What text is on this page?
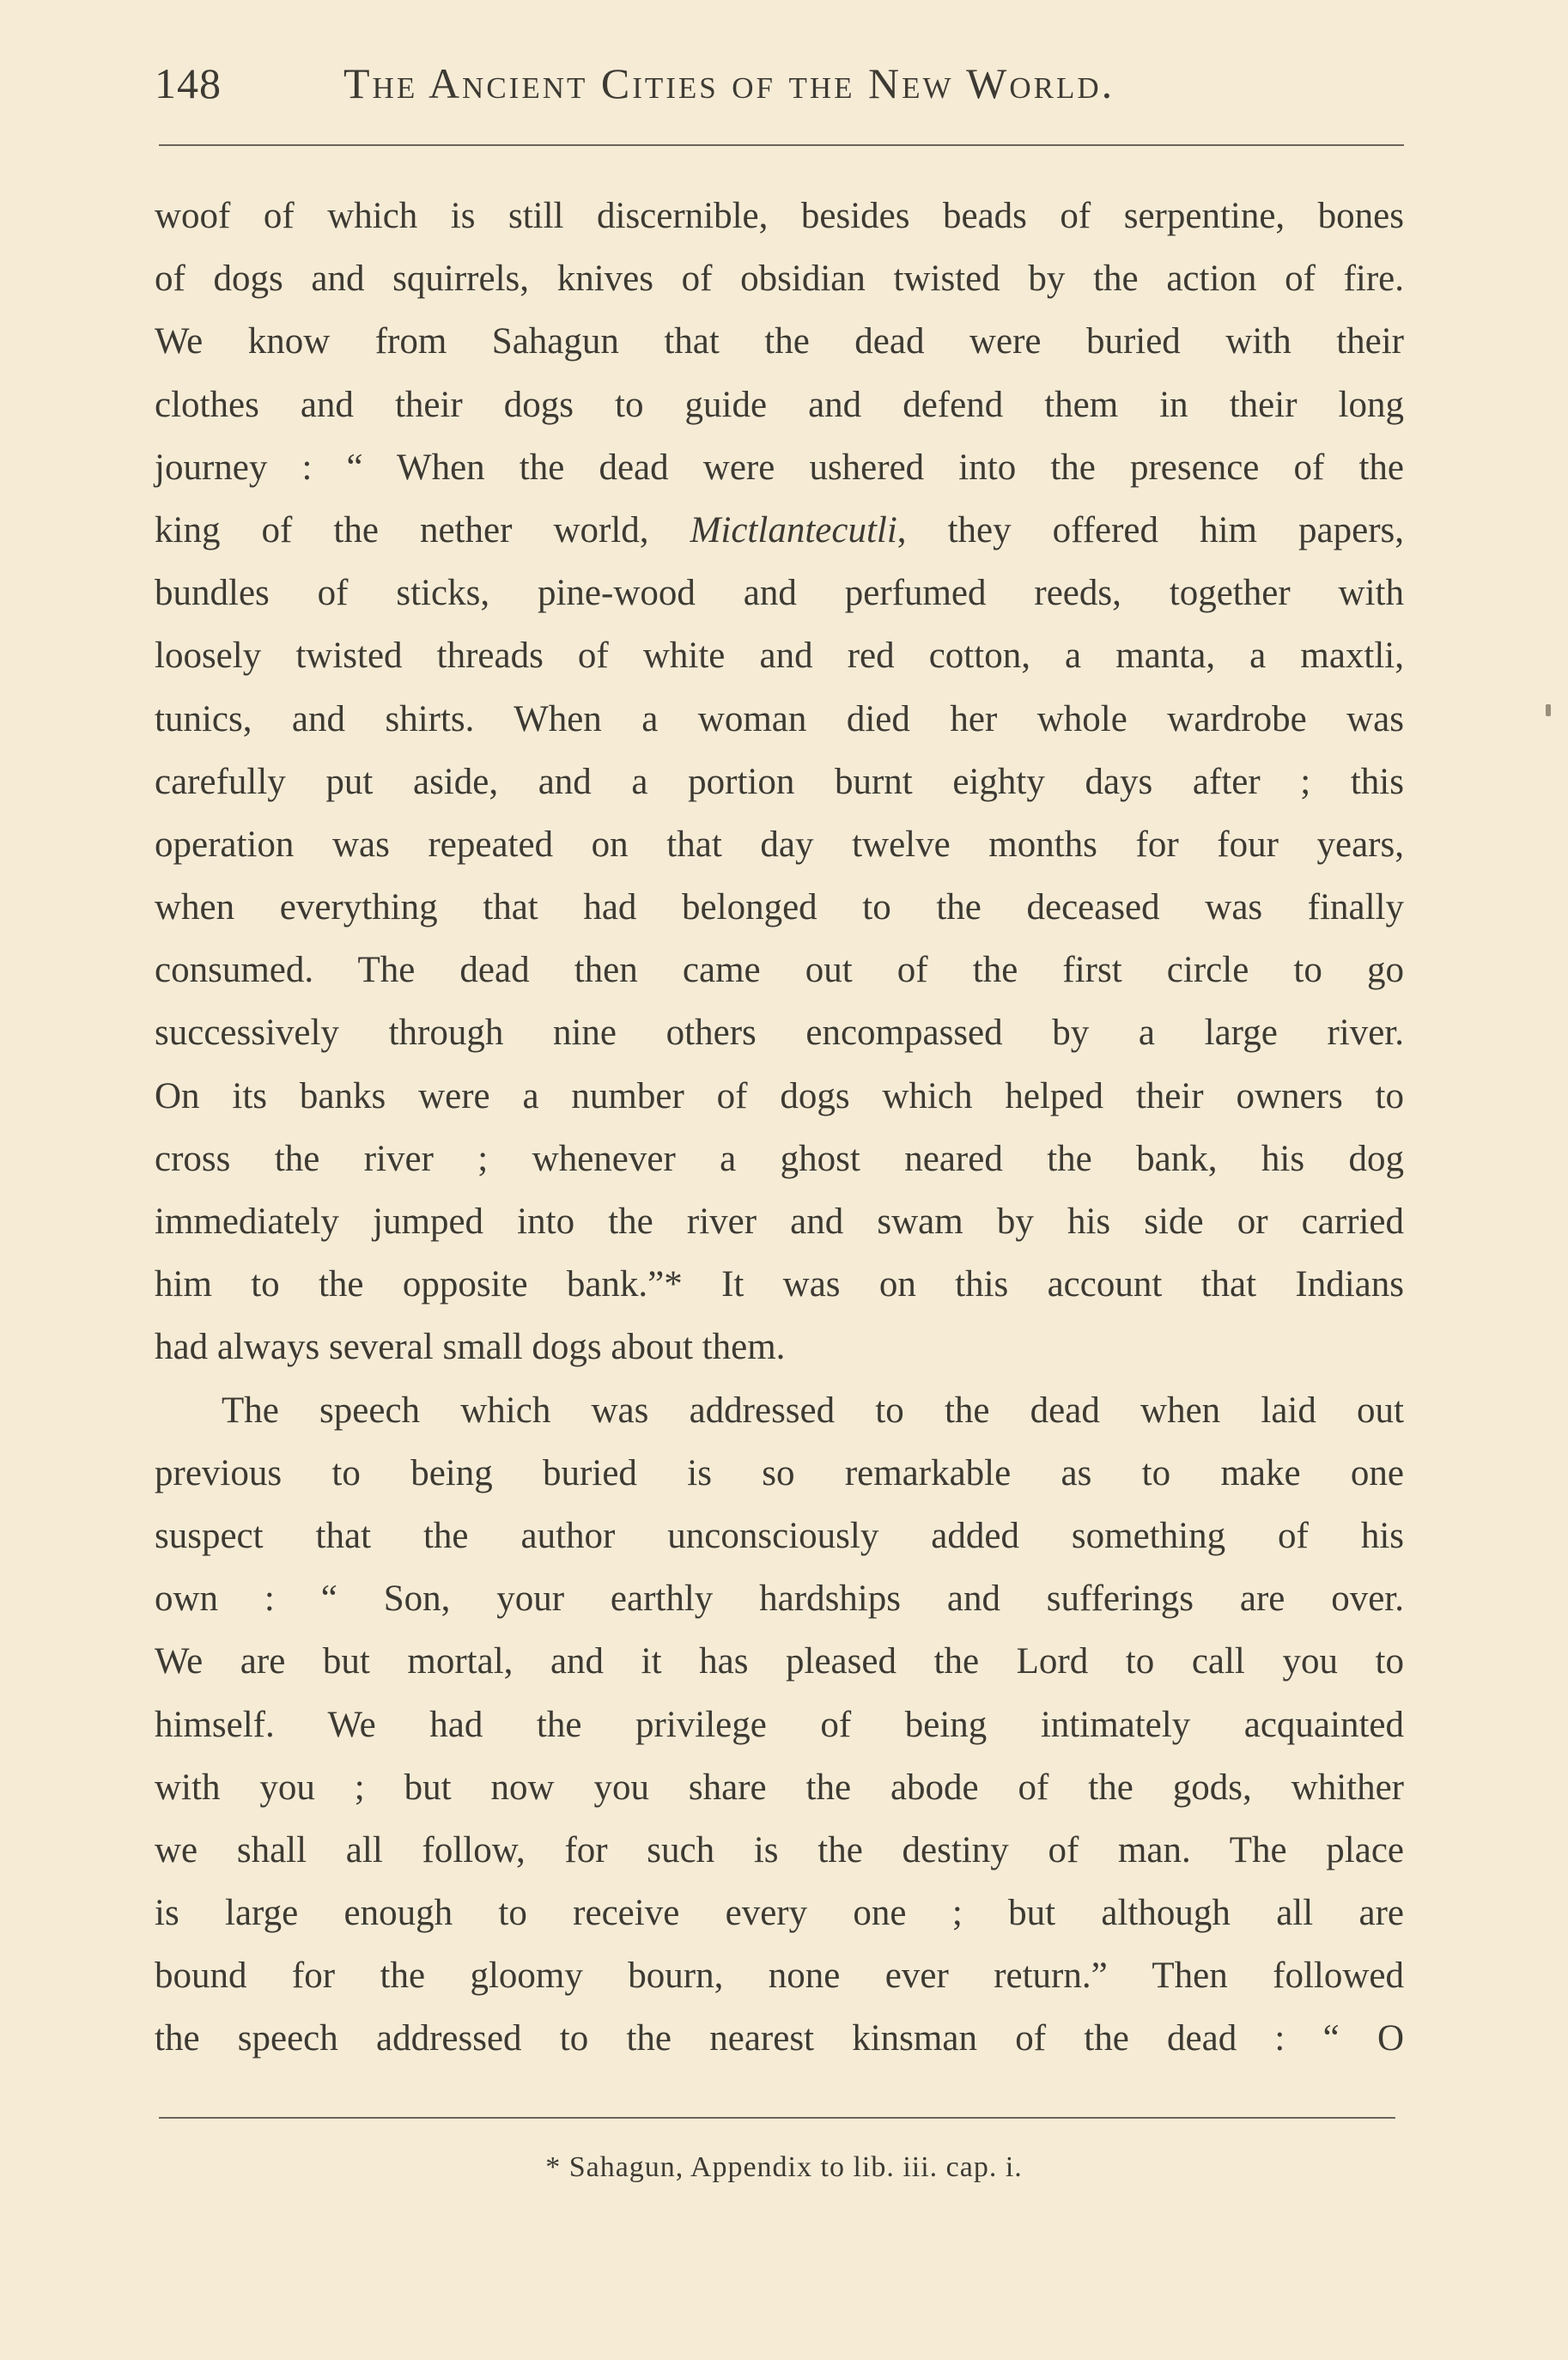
148	The Ancient Cities of the New World.
woof of which is still discernible, besides beads of serpentine, bones
of dogs and squirrels, knives of obsidian twisted by the action of fire.
We know from Sahagun that the dead were buried with their
clothes and their dogs to guide and defend them in their long
journey : “ When the dead were ushered into the presence of the
king of the nether world, Mictlantecutli, they offered him papers,
bundles of sticks, pine-wood and perfumed reeds, together with
loosely twisted threads of white and red cotton, a manta, a maxtli,
tunics, and shirts. When a woman died her whole wardrobe was
carefully put aside, and a portion burnt eighty days after ; this
operation was repeated on that day twelve months for four years,
when everything that had belonged to the deceased was finally
consumed. The dead then came out of the first circle to go
successively through nine others encompassed by a large river.
On its banks were a number of dogs which helped their owners to
cross the river ; whenever a ghost neared the bank, his dog
immediately jumped into the river and swam by his side or carried
him to the opposite bank.”* It was on this account that Indians
had always several small dogs about them.
The speech which was addressed to the dead when laid out
previous to being buried is so remarkable as to make one
suspect that the author unconsciously added something of his
own : “ Son, your earthly hardships and sufferings are over.
We are but mortal, and it has pleased the Lord to call you to
himself. We had the privilege of being intimately acquainted
with you ; but now you share the abode of the gods, whither
we shall all follow, for such is the destiny of man. The place
is large enough to receive every one ; but although all are
bound for the gloomy bourn, none ever return.” Then followed
the speech addressed to the nearest kinsman of the dead : “ O
* Sahagun, Appendix to lib. iii. cap. i.
